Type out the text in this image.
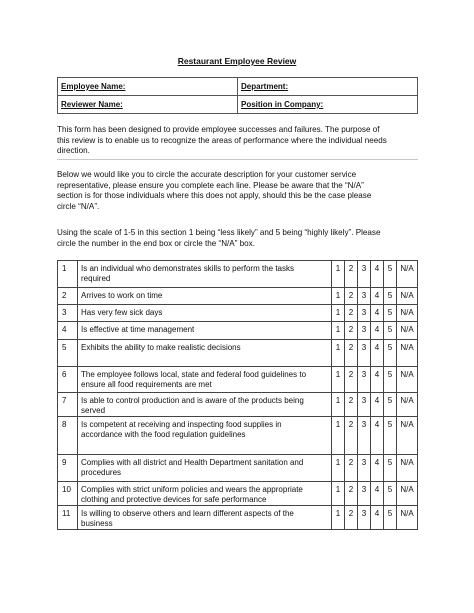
Restaurant Employee Review
Employee Name:	Department:
Reviewer Name:	Position in Company:

This form has been designed to provide employee successes and failures. The purpose of
this review is to enable us to recognize the areas of performance where the individual needs
direction.

Below we would like you to circle the accurate description for your customer service
representative, please ensure you complete each line. Please be aware that the “N/A”
section is for those individuals where this does not apply, should this be the case please
circle “N/A”.

Using the scale of 1-5 in this section 1 being “less likely” and 5 being “highly likely”. Please
circle the number in the end box or circle the “N/A” box.

1	Is an individual who demonstrates skills to perform the tasks
required	1	2	3	4	5	N/A
2	Arrives to work on time	1	2	3	4	5	N/A
3	Has very few sick days	1	2	3	4	5	N/A
4	Is effective at time management	1	2	3	4	5	N/A
5	Exhibits the ability to make realistic decisions	1	2	3	4	5	N/A
6	The employee follows local, state and federal food guidelines to
ensure all food requirements are met	1	2	3	4	5	N/A
7	Is able to control production and is aware of the products being
served	1	2	3	4	5	N/A
8	Is competent at receiving and inspecting food supplies in
accordance with the food regulation guidelines	1	2	3	4	5	N/A
9	Complies with all district and Health Department sanitation and
procedures	1	2	3	4	5	N/A
10	Complies with strict uniform policies and wears the appropriate
clothing and protective devices for safe performance	1	2	3	4	5	N/A
11	Is willing to observe others and learn different aspects of the
business	1	2	3	4	5	N/A
